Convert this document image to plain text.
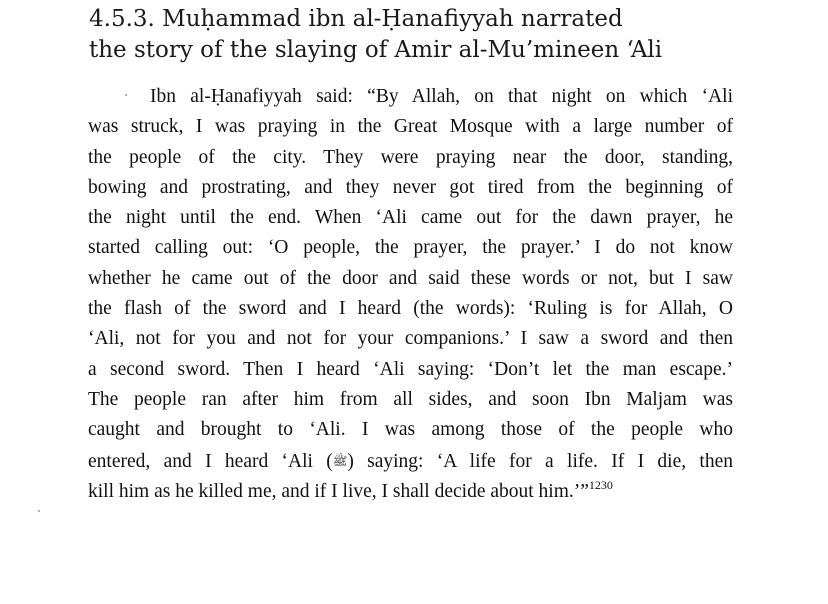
4.5.3. Muḥammad ibn al-Ḥanafiyyah narrated
the story of the slaying of Amir al-Mu’mineen ‘Ali
Ibn al-Ḥanafiyyah said: “By Allah, on that night on which ‘Ali
was struck, I was praying in the Great Mosque with a large number of
the people of the city. They were praying near the door, standing,
bowing and prostrating, and they never got tired from the beginning of
the night until the end. When ‘Ali came out for the dawn prayer, he
started calling out: ‘O people, the prayer, the prayer.’ I do not know
whether he came out of the door and said these words or not, but I saw
the flash of the sword and I heard (the words): ‘Ruling is for Allah, O
‘Ali, not for you and not for your companions.’ I saw a sword and then
a second sword. Then I heard ‘Ali saying: ‘Don’t let the man escape.’
The people ran after him from all sides, and soon Ibn Maljam was
caught and brought to ‘Ali. I was among those of the people who
entered, and I heard ‘Ali (ﷺ) saying: ‘A life for a life. If I die, then
kill him as he killed me, and if I live, I shall decide about him.’”$^{1230}$
